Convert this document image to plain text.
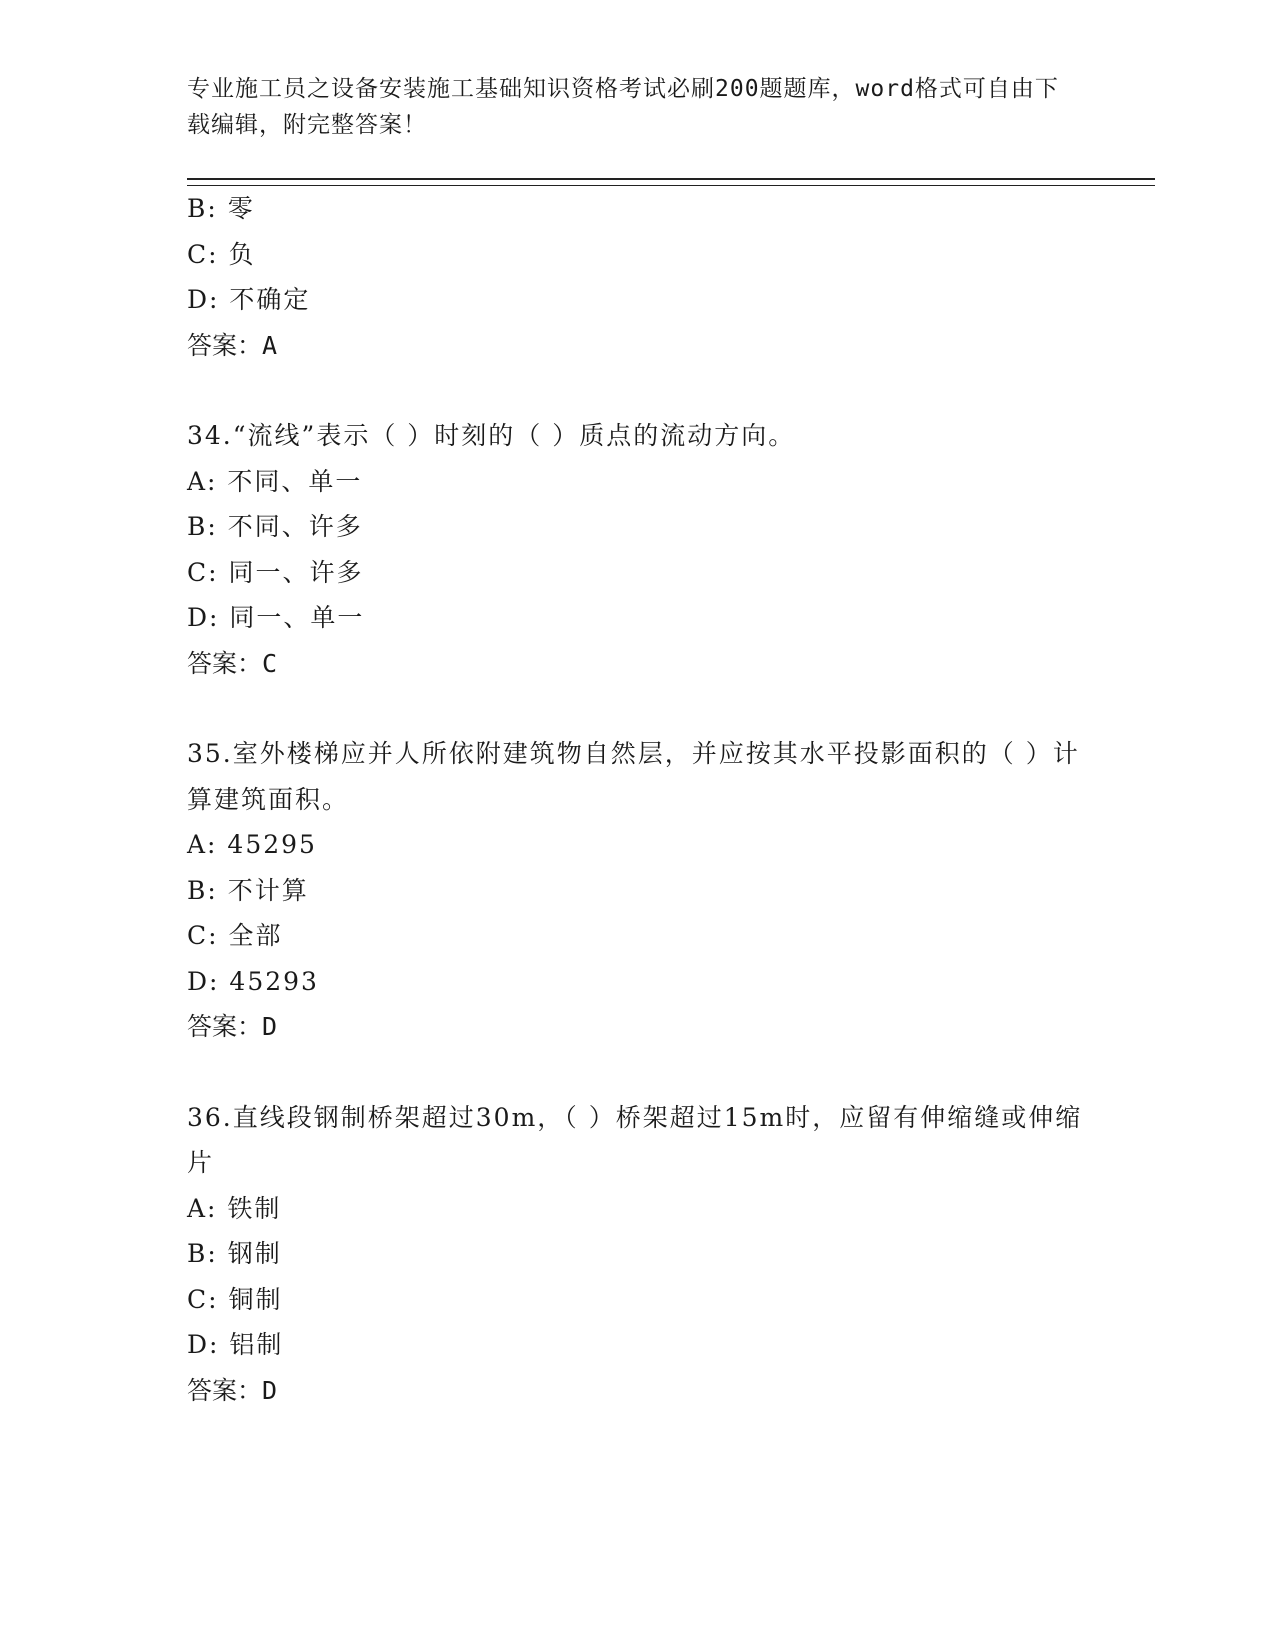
专业施工员之设备安装施工基础知识资格考试必刷200题题库，word格式可自由下载编辑，附完整答案！
B: 零
C: 负
D: 不确定
答案：A
34.“流线”表示（ ）时刻的（ ）质点的流动方向。
A: 不同、单一
B: 不同、许多
C: 同一、许多
D: 同一、单一
答案：C
35.室外楼梯应并人所依附建筑物自然层，并应按其水平投影面积的（ ）计算建筑面积。
A: 45295
B: 不计算
C: 全部
D: 45293
答案：D
36.直线段钢制桥架超过30m，（ ）桥架超过15m时，应留有伸缩缝或伸缩片
A: 铁制
B: 钢制
C: 铜制
D: 铝制
答案：D
